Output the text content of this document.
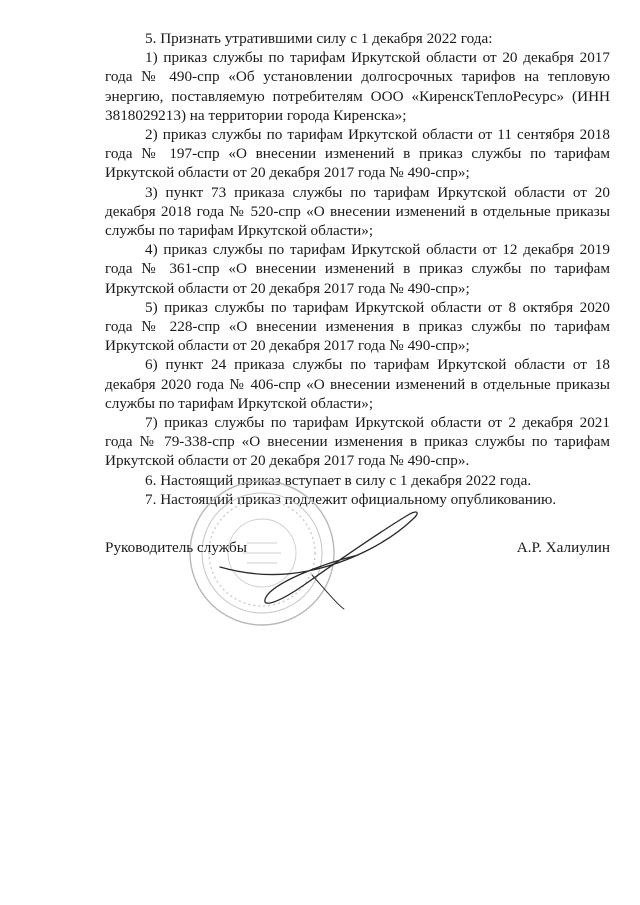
5. Признать утратившими силу с 1 декабря 2022 года:

1) приказ службы по тарифам Иркутской области от 20 декабря 2017 года № 490-спр «Об установлении долгосрочных тарифов на тепловую энергию, поставляемую потребителям ООО «КиренскТеплоРесурс» (ИНН 3818029213) на территории города Киренска»;

2) приказ службы по тарифам Иркутской области от 11 сентября 2018 года № 197-спр «О внесении изменений в приказ службы по тарифам Иркутской области от 20 декабря 2017 года № 490-спр»;

3) пункт 73 приказа службы по тарифам Иркутской области от 20 декабря 2018 года № 520-спр «О внесении изменений в отдельные приказы службы по тарифам Иркутской области»;

4) приказ службы по тарифам Иркутской области от 12 декабря 2019 года № 361-спр «О внесении изменений в приказ службы по тарифам Иркутской области от 20 декабря 2017 года № 490-спр»;

5) приказ службы по тарифам Иркутской области от 8 октября 2020 года № 228-спр «О внесении изменения в приказ службы по тарифам Иркутской области от 20 декабря 2017 года № 490-спр»;

6) пункт 24 приказа службы по тарифам Иркутской области от 18 декабря 2020 года № 406-спр «О внесении изменений в отдельные приказы службы по тарифам Иркутской области»;

7) приказ службы по тарифам Иркутской области от 2 декабря 2021 года № 79-338-спр «О внесении изменения в приказ службы по тарифам Иркутской области от 20 декабря 2017 года № 490-спр».

6. Настоящий приказ вступает в силу с 1 декабря 2022 года.

7. Настоящий приказ подлежит официальному опубликованию.

Руководитель службы	А.Р. Халиулин
